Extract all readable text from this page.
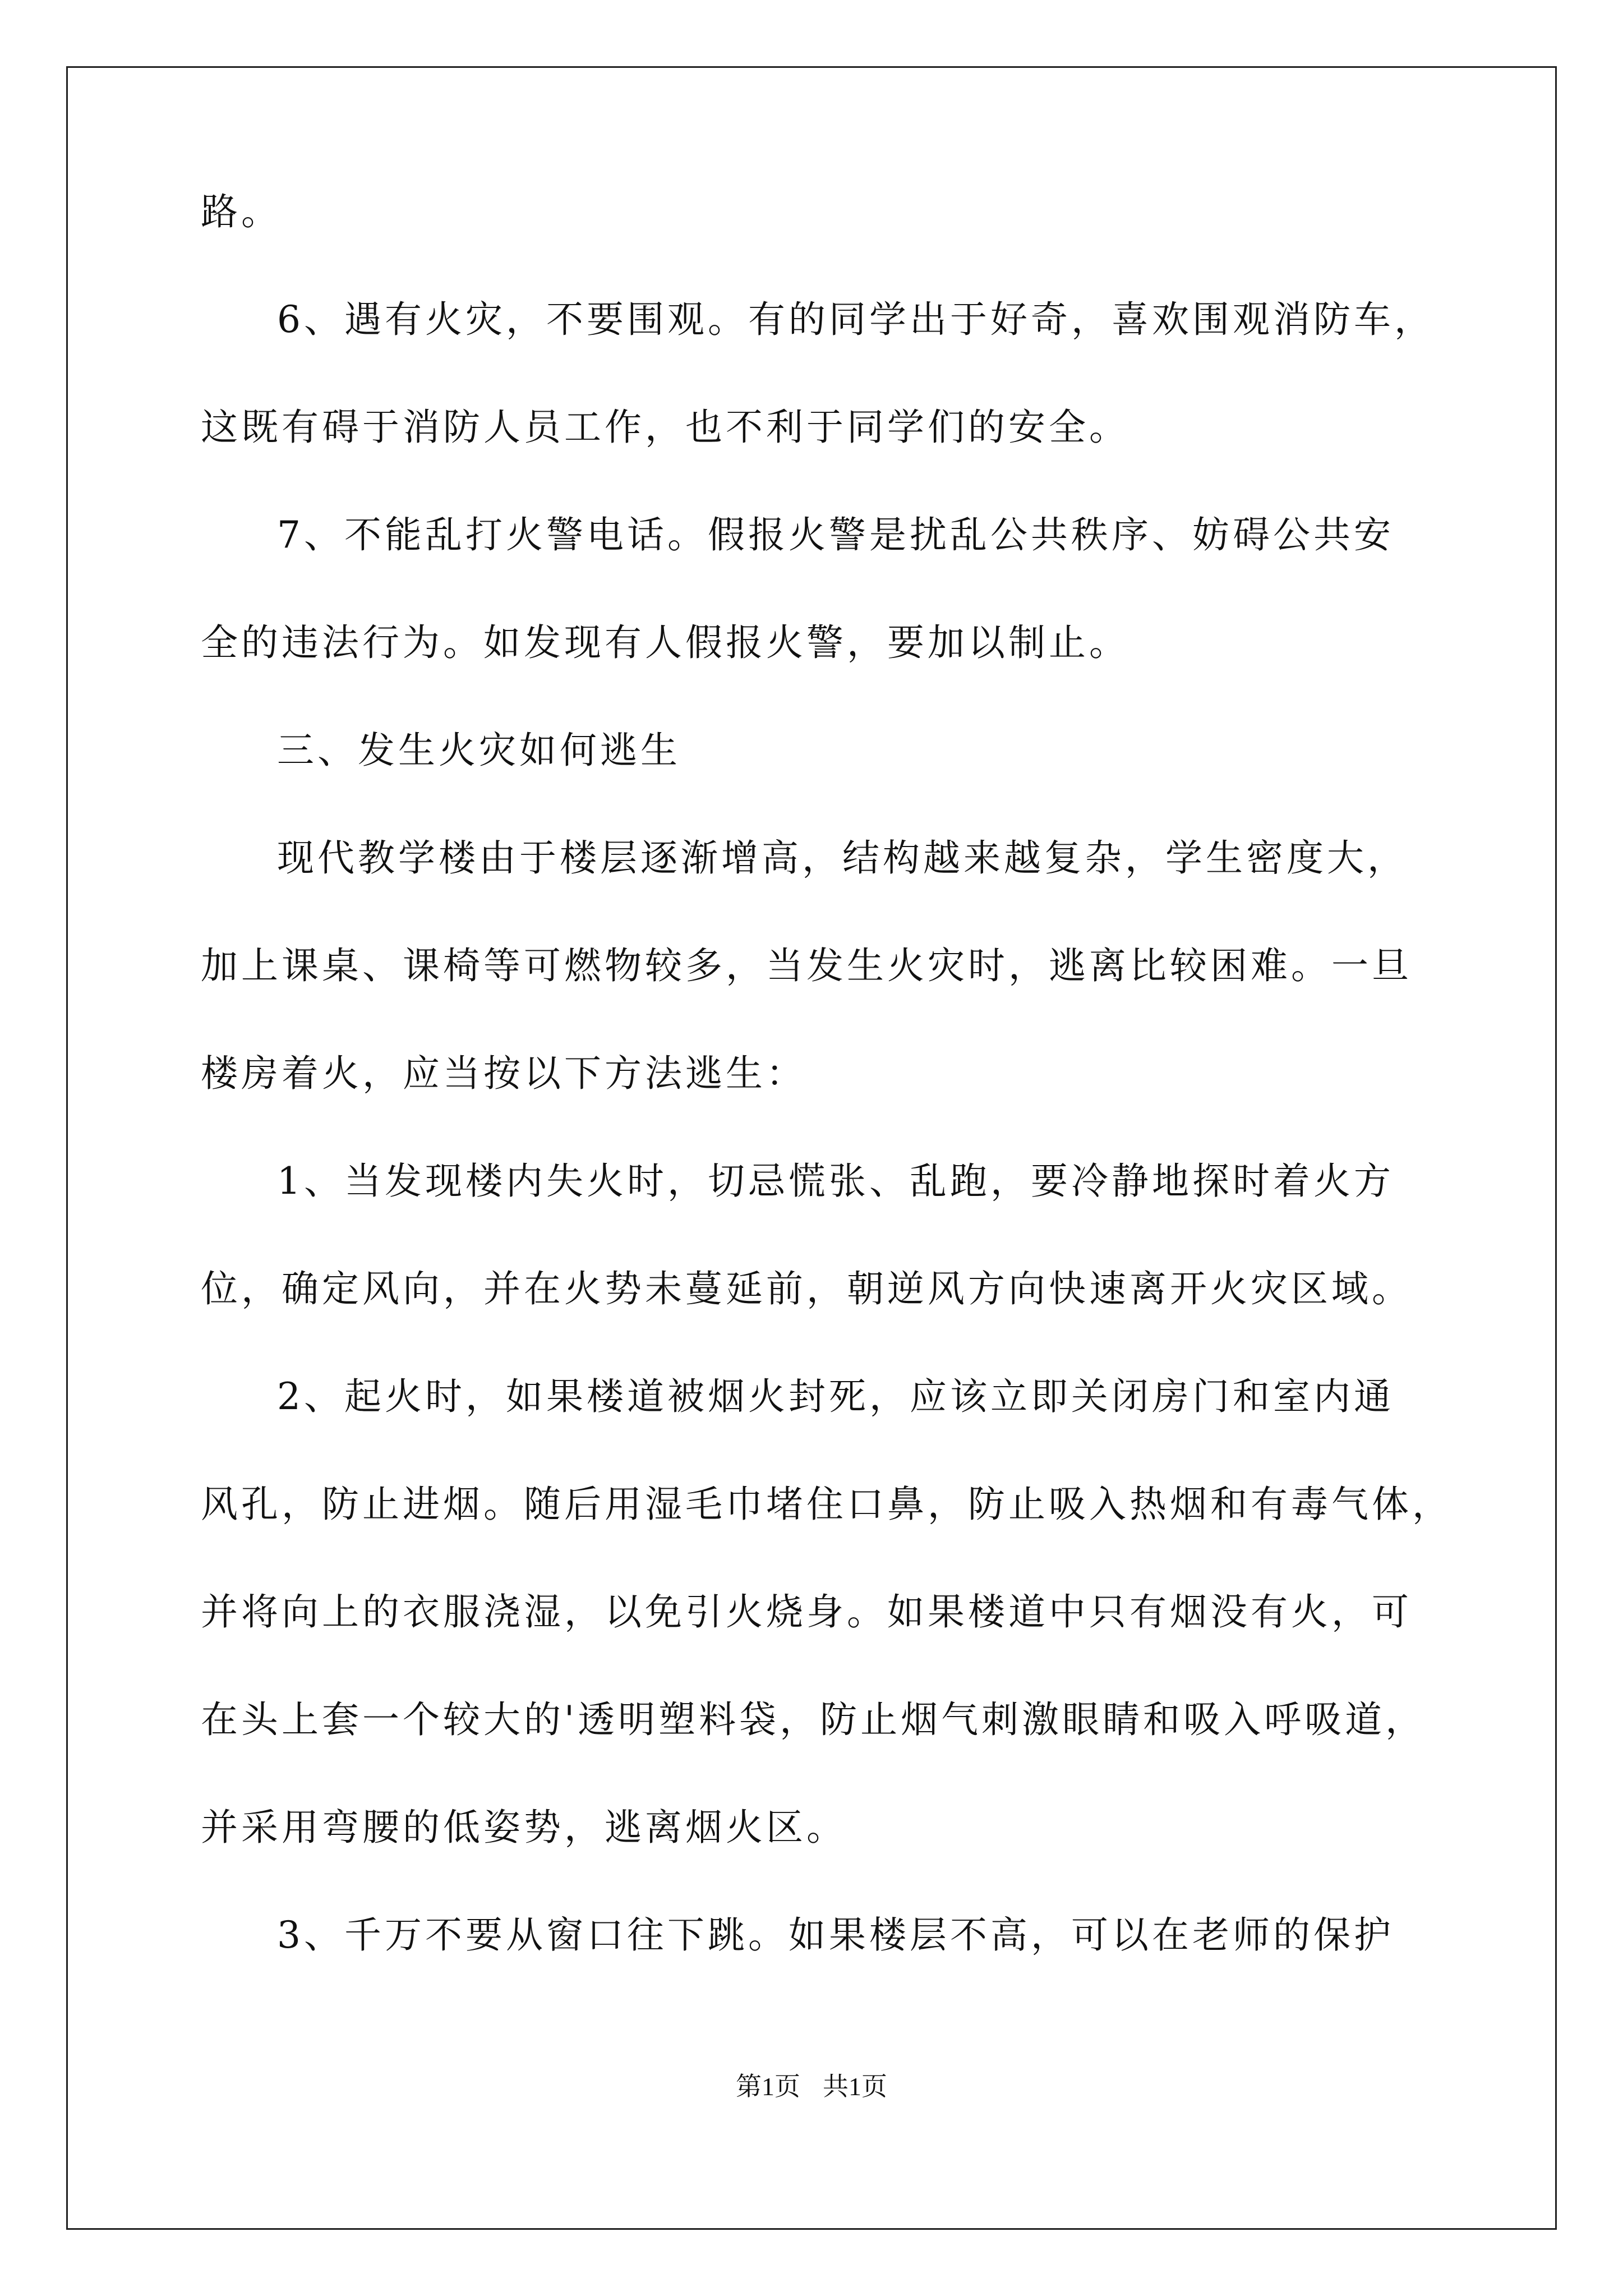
路。
6、遇有火灾，不要围观。有的同学出于好奇，喜欢围观消防车，
这既有碍于消防人员工作，也不利于同学们的安全。
7、不能乱打火警电话。假报火警是扰乱公共秩序、妨碍公共安
全的违法行为。如发现有人假报火警，要加以制止。
三、发生火灾如何逃生
现代教学楼由于楼层逐渐增高，结构越来越复杂，学生密度大，
加上课桌、课椅等可燃物较多，当发生火灾时，逃离比较困难。一旦
楼房着火，应当按以下方法逃生：
1、当发现楼内失火时，切忌慌张、乱跑，要冷静地探时着火方
位，确定风向，并在火势未蔓延前，朝逆风方向快速离开火灾区域。
2、起火时，如果楼道被烟火封死，应该立即关闭房门和室内通
风孔，防止进烟。随后用湿毛巾堵住口鼻，防止吸入热烟和有毒气体，
并将向上的衣服浇湿，以免引火烧身。如果楼道中只有烟没有火，可
在头上套一个较大的'透明塑料袋，防止烟气刺激眼睛和吸入呼吸道，
并采用弯腰的低姿势，逃离烟火区。
3、千万不要从窗口往下跳。如果楼层不高，可以在老师的保护
第1页 共1页
